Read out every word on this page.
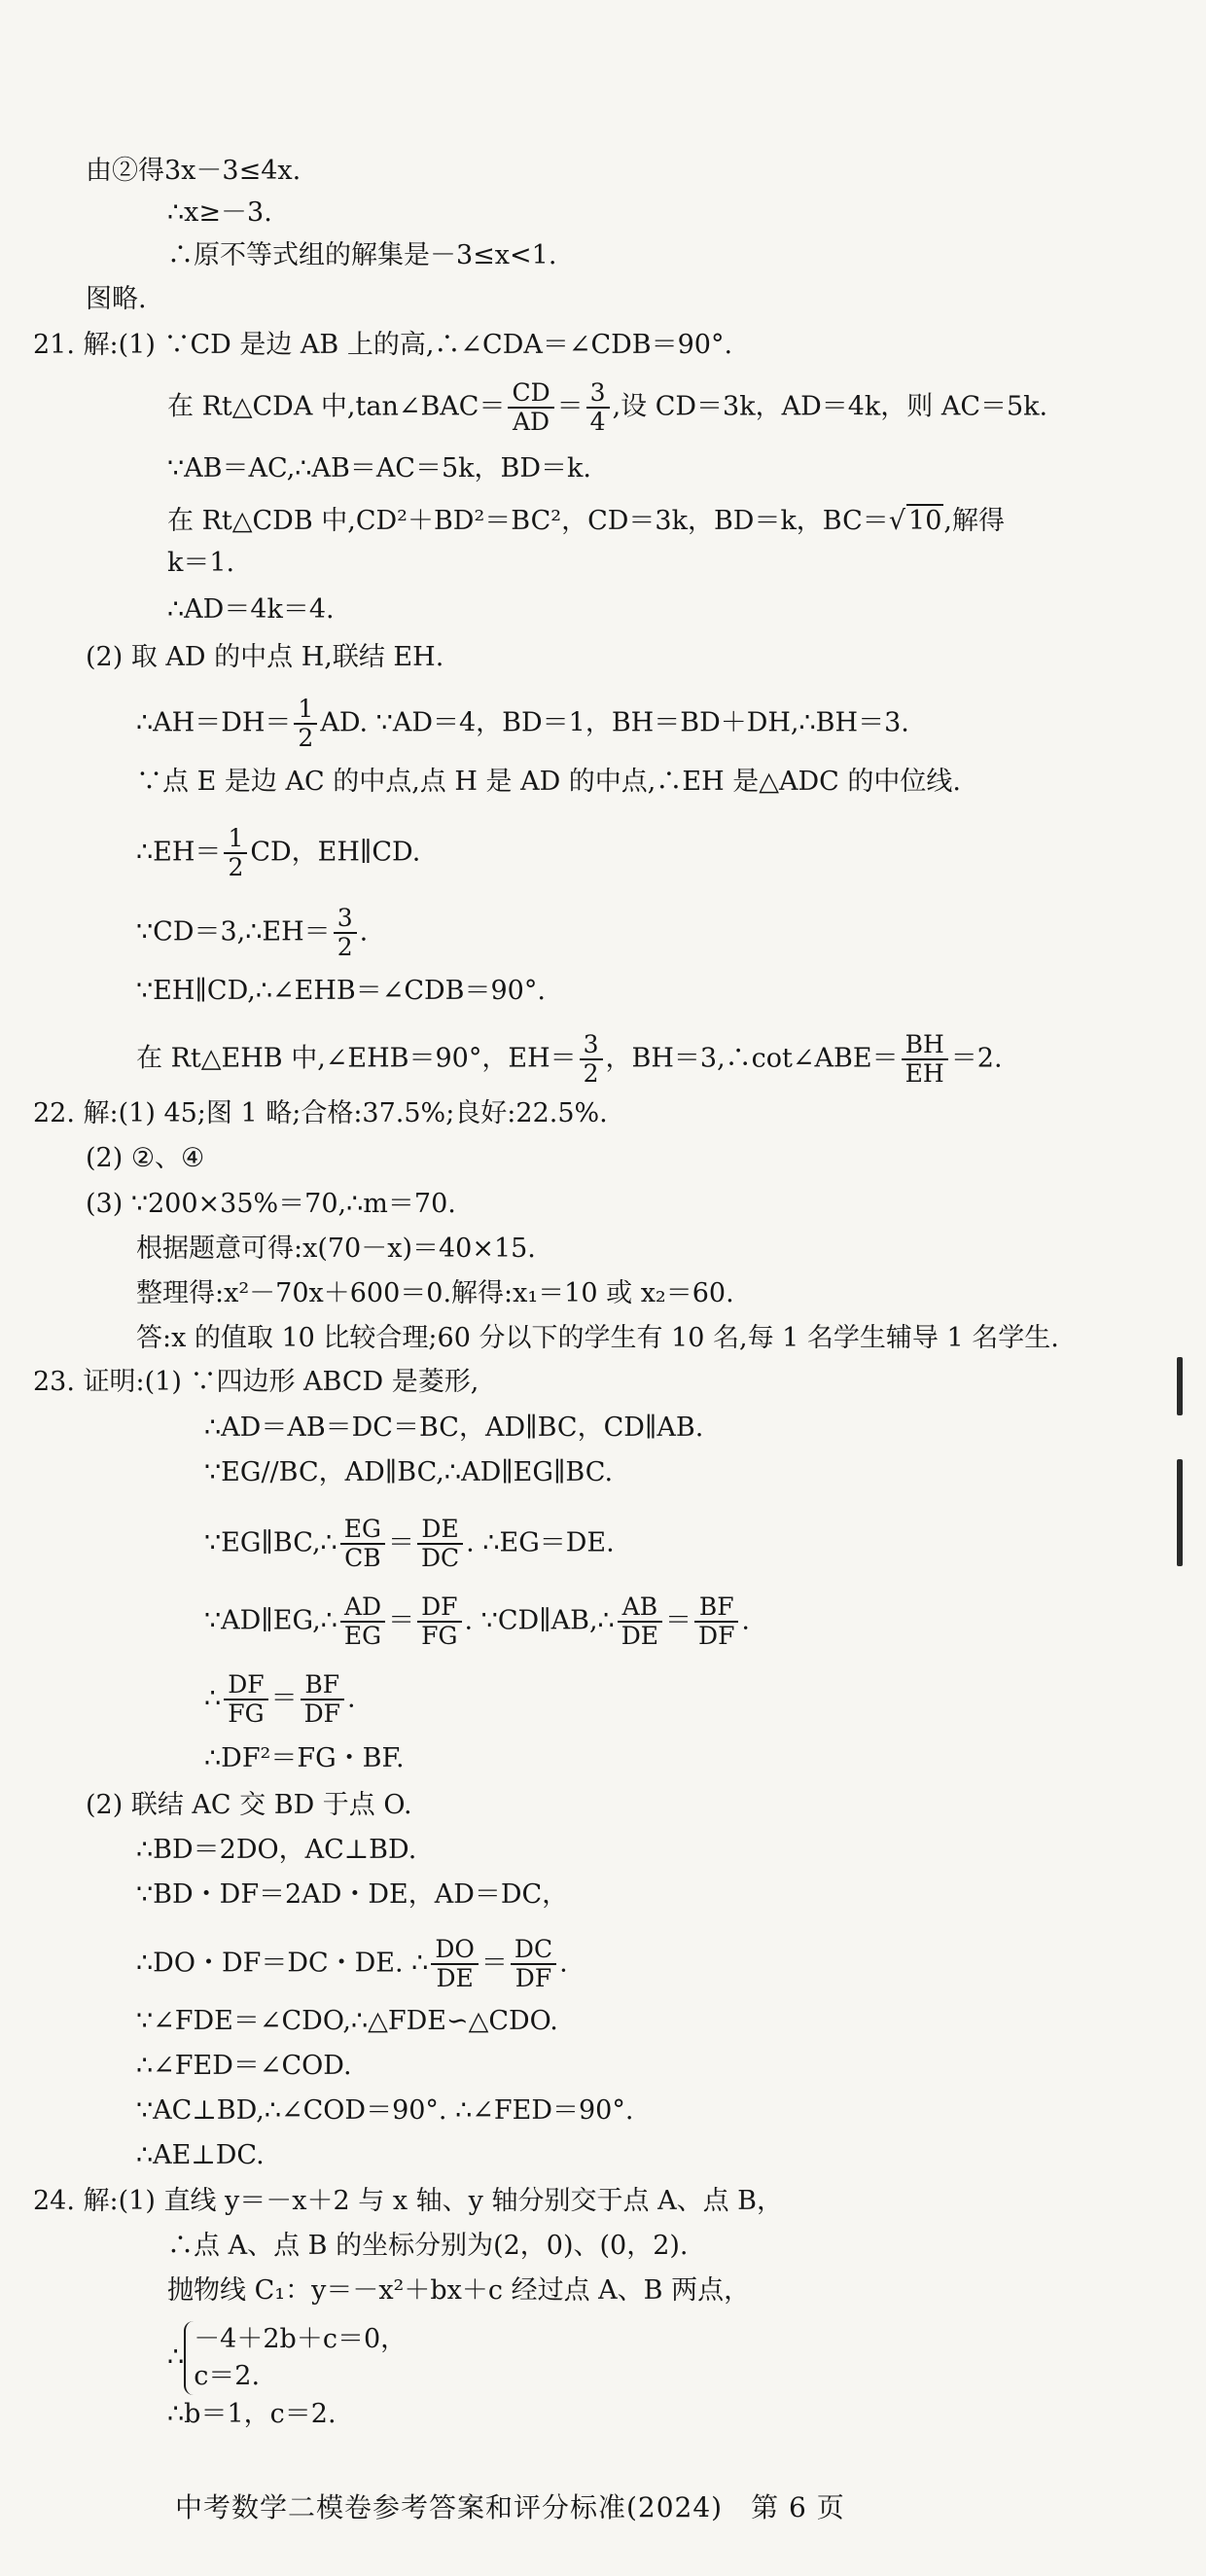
由②得3x－3≤4x.
∴x≥－3.
∴原不等式组的解集是－3≤x<1.
图略.
21. 解:(1) ∵CD 是边 AB 上的高,∴∠CDA＝∠CDB＝90°.
在 Rt△CDA 中,tan∠BAC＝ $\frac{CD}{AD} = \frac{3}{4}$ ,设 CD＝3k，AD＝4k，则 AC＝5k.
∵AB＝AC,∴AB＝AC＝5k，BD＝k.
在 Rt△CDB 中,CD²＋BD²＝BC²，CD＝3k，BD＝k，BC＝√ 10,解得
k＝1.
∴AD＝4k＝4.
(2) 取 AD 的中点 H,联结 EH.
∴AH＝DH＝ $\frac{1}{2}$ AD. ∵AD＝4，BD＝1，BH＝BD＋DH,∴BH＝3.
∵点 E 是边 AC 的中点,点 H 是 AD 的中点,∴EH 是△ADC 的中位线.
∴EH＝ $\frac{1}{2}$ CD，EH∥CD.
∵CD＝3,∴EH＝ $\frac{3}{2}$ .
∵EH∥CD,∴∠EHB＝∠CDB＝90°.
在 Rt△EHB 中,∠EHB＝90°，$EH= \frac{3}{2}$ ，BH＝3,∴cot∠ABE＝ $\frac{BH}{EH} =2$.
22. 解:(1) 45;图 1 略;合格:37.5%;良好:22.5%.
(2) ②、④
(3) ∵200×35%＝70,∴m＝70.
根据题意可得:x(70－x)＝40×15.
整理得:x²－70x＋600＝0.解得:x₁＝10 或 x₂＝60.
答:x 的值取 10 比较合理;60 分以下的学生有 10 名,每 1 名学生辅导 1 名学生.
23. 证明:(1) ∵四边形 ABCD 是菱形,
∴AD＝AB＝DC＝BC，AD∥BC，CD∥AB.
∵EG//BC，AD∥BC,∴AD∥EG∥BC.
∵EG∥BC,∴ $\frac{EG}{CB} = \frac{DE}{DC}$ . ∴EG＝DE.
∵AD∥EG,∴ $\frac{AD}{EG} = \frac{DF}{FG}$ . ∵CD∥AB,∴ $\frac{AB}{DE} = \frac{BF}{DF}$ .
∴ $\frac{DF}{FG} = \frac{BF}{DF}$ .
∴DF²＝FG・BF.
(2) 联结 AC 交 BD 于点 O.
∴BD＝2DO，AC⊥BD.
∵BD・DF＝2AD・DE，AD＝DC，
∴DO・DF＝DC・DE. ∴ $\frac{DO}{DE} = \frac{DC}{DF}$ .
∵∠FDE＝∠CDO,∴△FDE∽△CDO.
∴∠FED＝∠COD.
∵AC⊥BD,∴∠COD＝90°. ∴∠FED＝90°.
∴AE⊥DC.
24. 解:(1) 直线 y＝－x＋2 与 x 轴、y 轴分别交于点 A、点 B，
∴点 A、点 B 的坐标分别为(2，0)、(0，2).
抛物线 C₁：y＝－x²＋bx＋c 经过点 A、B 两点，
∴
－4＋2b＋c＝0，
c＝2.
∴b＝1，c＝2.
中考数学二模卷参考答案和评分标准(2024)　第 6 页
